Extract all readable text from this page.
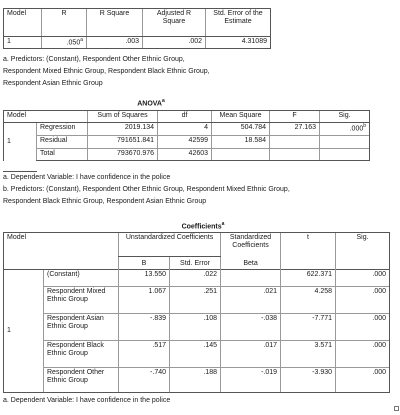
Model	R	R Square	Adjusted R Square	Std. Error of the Estimate
1	.050$^a$	.003	.002	4.31089
a. Predictors: (Constant), Respondent Other Ethnic Group,
Respondent Mixed Ethnic Group, Respondent Black Ethnic Group,
Respondent Asian Ethnic Group
ANOVA$^a$
Model		Sum of Squares	df	Mean Square	F	Sig.
1	Regression	2019.134	4	504.784	27.163	.000$^b$
	Residual	791651.841	42599	18.584		
	Total	793670.976	42603			
a. Dependent Variable: I have confidence in the police
b. Predictors: (Constant), Respondent Other Ethnic Group, Respondent Mixed Ethnic Group,
Respondent Black Ethnic Group, Respondent Asian Ethnic Group
Coefficients$^a$
Model		Unstandardized Coefficients		Standardized Coefficients	t	Sig.
		B	Std. Error	Beta		
1	(Constant)	13.550	.022		622.371	.000
	Respondent Mixed Ethnic Group	1.067	.251	.021	4.258	.000
	Respondent Asian Ethnic Group	-.839	.108	-.038	-7.771	.000
	Respondent Black Ethnic Group	.517	.145	.017	3.571	.000
	Respondent Other Ethnic Group	-.740	.188	-.019	-3.930	.000
a. Dependent Variable: I have confidence in the police
